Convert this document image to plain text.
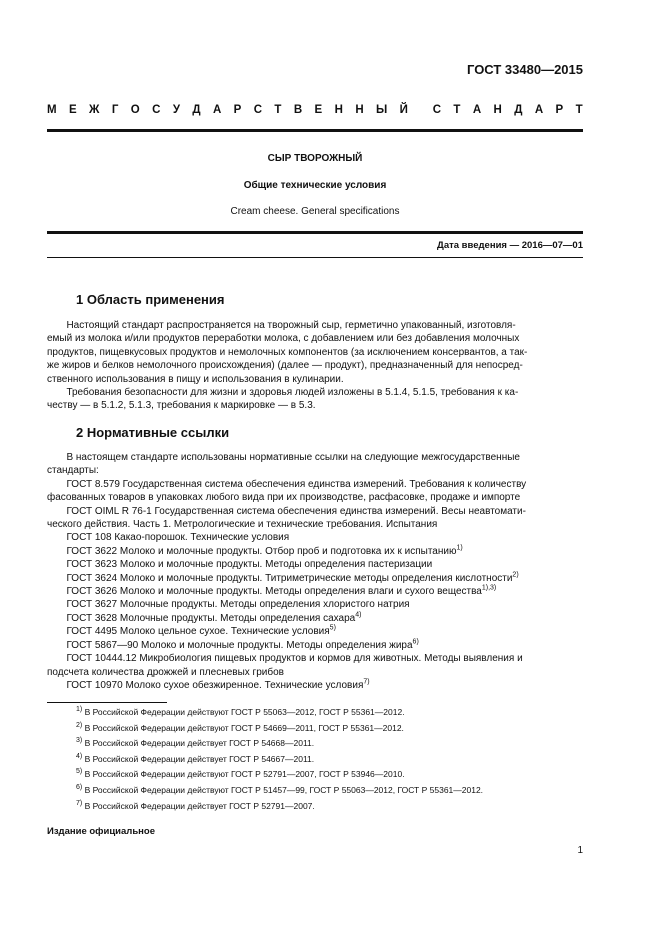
ГОСТ 33480—2015
М Е Ж Г О С У Д А Р С Т В Е Н Н Ы Й С Т А Н Д А Р Т
СЫР ТВОРОЖНЫЙ
Общие технические условия
Cream cheese. General specifications
Дата введения — 2016—07—01
1 Область применения
Настоящий стандарт распространяется на творожный сыр, герметично упакованный, изготовля-
емый из молока и/или продуктов переработки молока, с добавлением или без добавления молочных
продуктов, пищевкусовых продуктов и немолочных компонентов (за исключением консервантов, а так-
же жиров и белков немолочного происхождения) (далее — продукт), предназначенный для непосред-
ственного использования в пищу и использования в кулинарии.
Требования безопасности для жизни и здоровья людей изложены в 5.1.4, 5.1.5, требования к ка-
честву — в 5.1.2, 5.1.3, требования к маркировке — в 5.3.
2 Нормативные ссылки
В настоящем стандарте использованы нормативные ссылки на следующие межгосударственные
стандарты:
ГОСТ 8.579 Государственная система обеспечения единства измерений. Требования к количеству
фасованных товаров в упаковках любого вида при их производстве, расфасовке, продаже и импорте
ГОСТ OIML R 76-1 Государственная система обеспечения единства измерений. Весы неавтомати-
ческого действия. Часть 1. Метрологические и технические требования. Испытания
ГОСТ 108 Какао-порошок. Технические условия
ГОСТ 3622 Молоко и молочные продукты. Отбор проб и подготовка их к испытанию$^{1)}$
ГОСТ 3623 Молоко и молочные продукты. Методы определения пастеризации
ГОСТ 3624 Молоко и молочные продукты. Титриметрические методы определения кислотности$^{2)}$
ГОСТ 3626 Молоко и молочные продукты. Методы определения влаги и сухого вещества$^{1),3)}$
ГОСТ 3627 Молочные продукты. Методы определения хлористого натрия
ГОСТ 3628 Молочные продукты. Методы определения сахара$^{4)}$
ГОСТ 4495 Молоко цельное сухое. Технические условия$^{5)}$
ГОСТ 5867—90 Молоко и молочные продукты. Методы определения жира$^{6)}$
ГОСТ 10444.12 Микробиология пищевых продуктов и кормов для животных. Методы выявления и
подсчета количества дрожжей и плесневых грибов
ГОСТ 10970 Молоко сухое обезжиренное. Технические условия$^{7)}$
$^{1)}$ В Российской Федерации действуют ГОСТ Р 55063—2012, ГОСТ Р 55361—2012.
$^{2)}$ В Российской Федерации действуют ГОСТ Р 54669—2011, ГОСТ Р 55361—2012.
$^{3)}$ В Российской Федерации действует ГОСТ Р 54668—2011.
$^{4)}$ В Российской Федерации действует ГОСТ Р 54667—2011.
$^{5)}$ В Российской Федерации действуют ГОСТ Р 52791—2007, ГОСТ Р 53946—2010.
$^{6)}$ В Российской Федерации действуют ГОСТ Р 51457—99, ГОСТ Р 55063—2012, ГОСТ Р 55361—2012.
$^{7)}$ В Российской Федерации действует ГОСТ Р 52791—2007.
Издание официальное
1
